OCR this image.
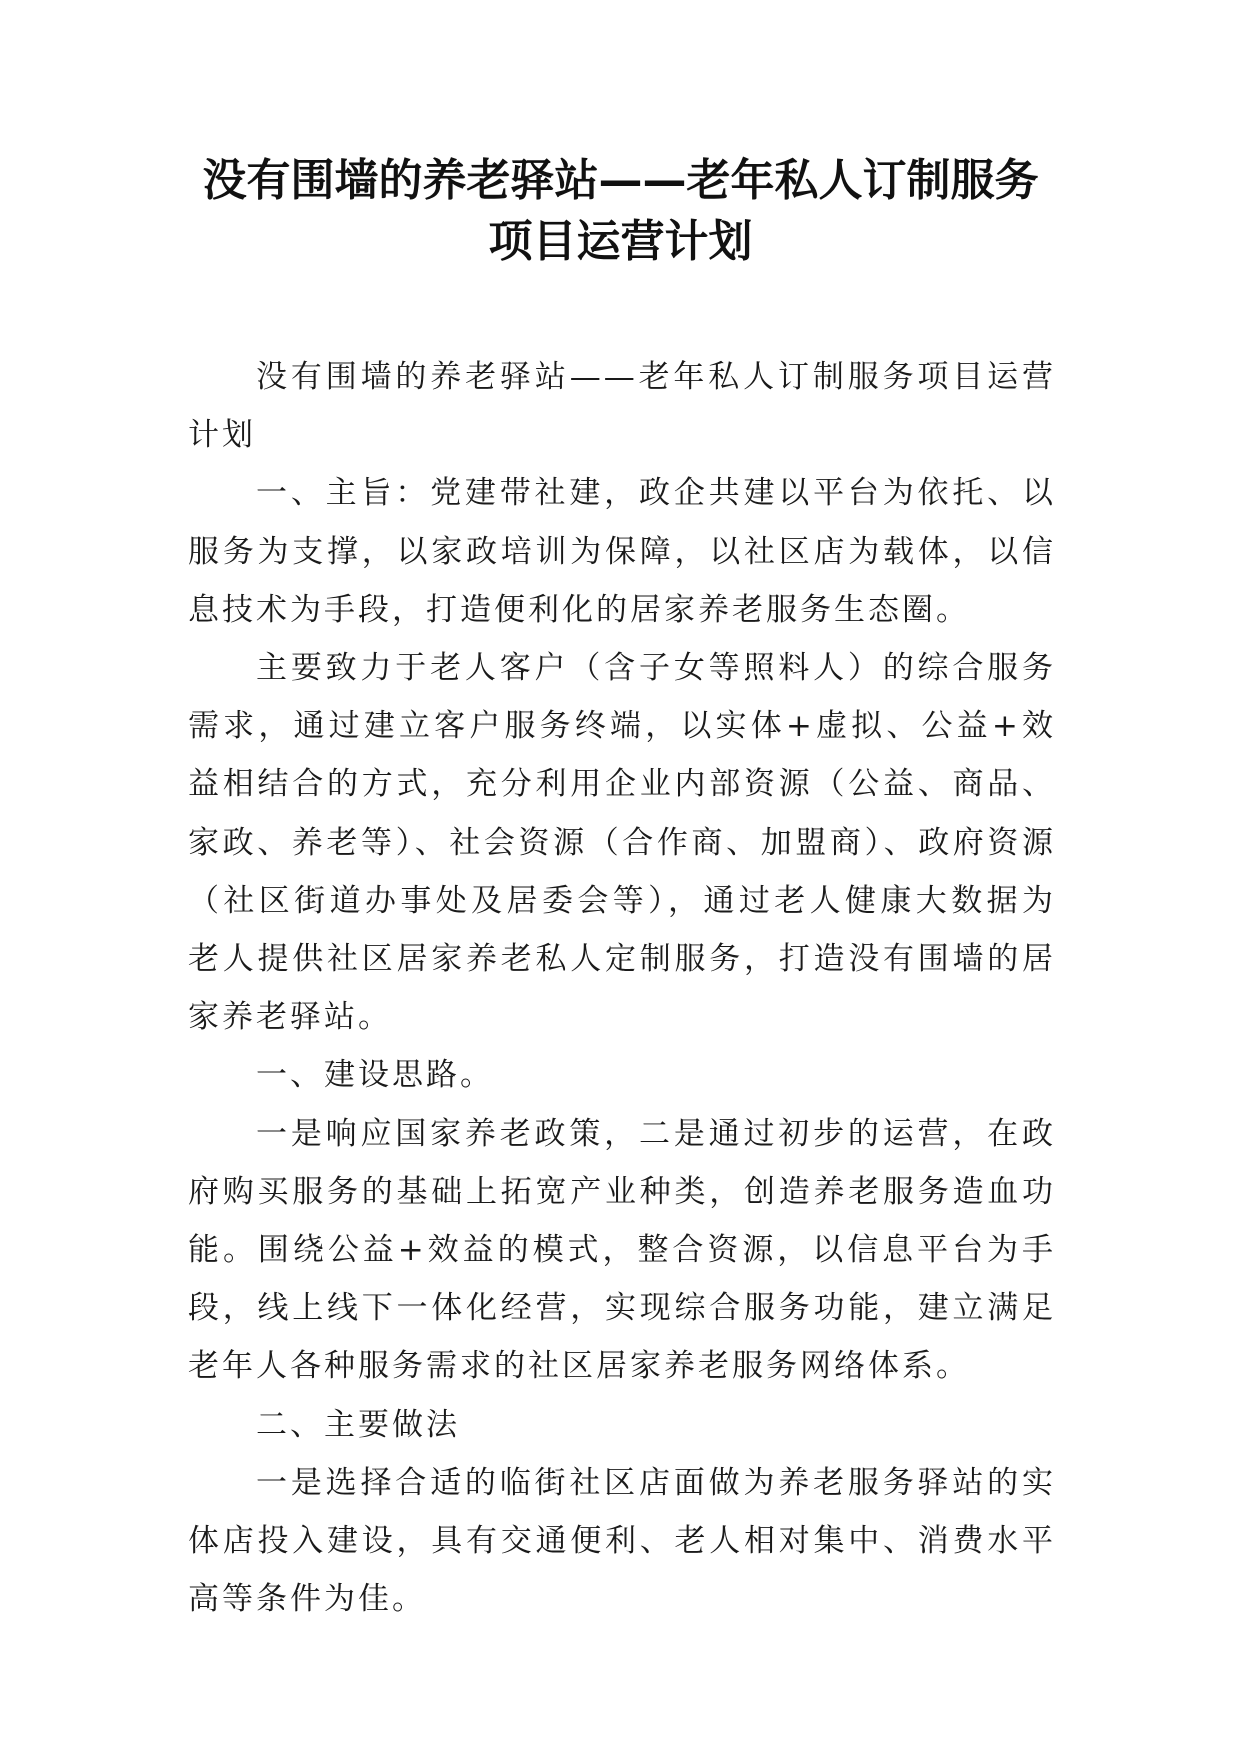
没有围墙的养老驿站——老年私人订制服务项目运营计划

没有围墙的养老驿站——老年私人订制服务项目运营计划

一、主旨：党建带社建，政企共建以平台为依托、以服务为支撑，以家政培训为保障，以社区店为载体，以信息技术为手段，打造便利化的居家养老服务生态圈。

主要致力于老人客户（含子女等照料人）的综合服务需求，通过建立客户服务终端，以实体+虚拟、公益+效益相结合的方式，充分利用企业内部资源（公益、商品、家政、养老等）、社会资源（合作商、加盟商）、政府资源（社区街道办事处及居委会等），通过老人健康大数据为老人提供社区居家养老私人定制服务，打造没有围墙的居家养老驿站。

一、建设思路。

一是响应国家养老政策，二是通过初步的运营，在政府购买服务的基础上拓宽产业种类，创造养老服务造血功能。围绕公益+效益的模式，整合资源，以信息平台为手段，线上线下一体化经营，实现综合服务功能，建立满足老年人各种服务需求的社区居家养老服务网络体系。

二、主要做法

一是选择合适的临街社区店面做为养老服务驿站的实体店投入建设，具有交通便利、老人相对集中、消费水平高等条件为佳。
